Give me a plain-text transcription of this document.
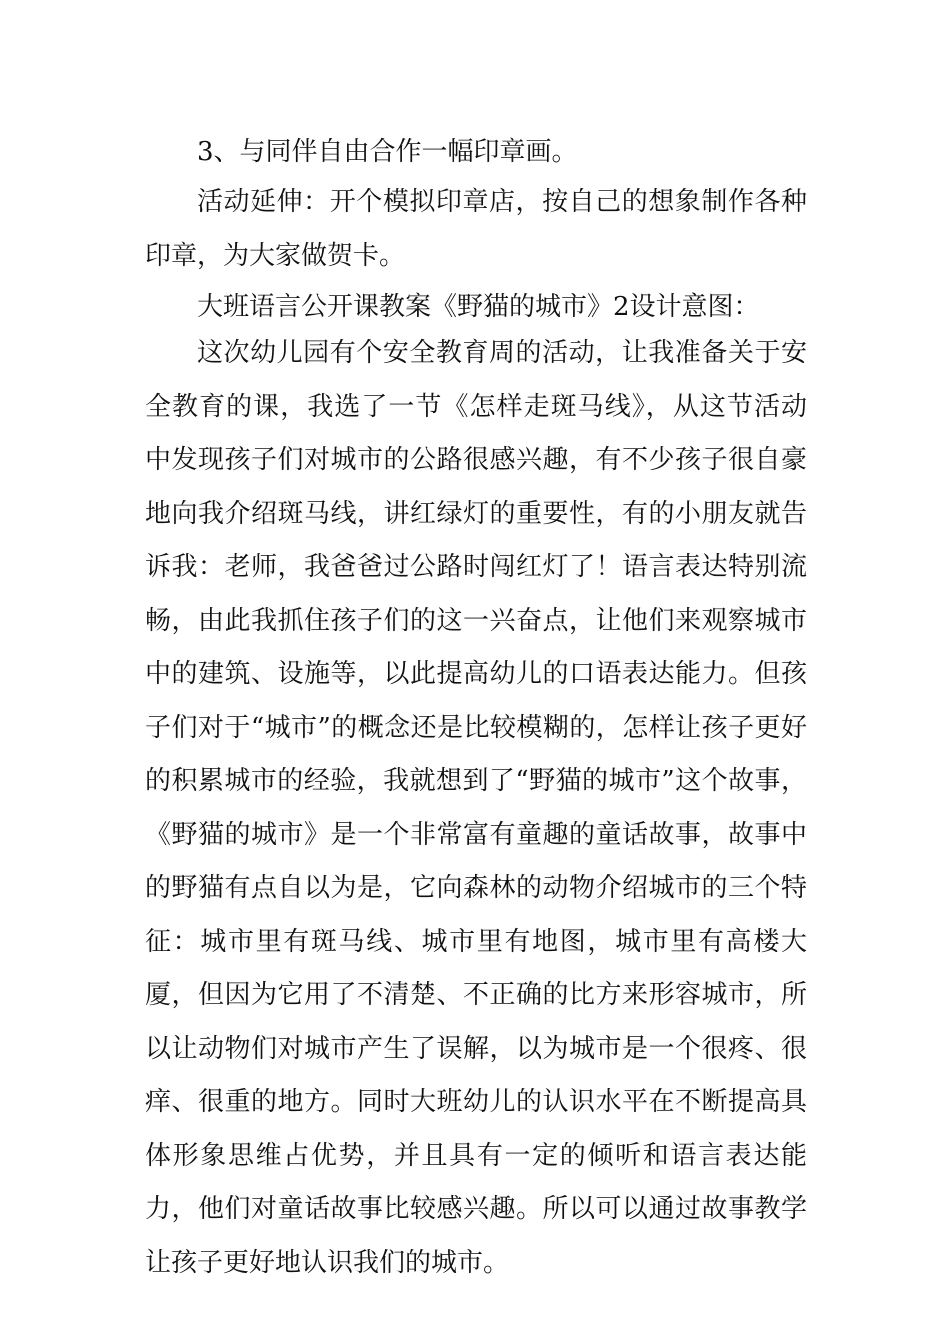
3、与同伴自由合作一幅印章画。

活动延伸：开个模拟印章店，按自己的想象制作各种印章，为大家做贺卡。

大班语言公开课教案《野猫的城市》2设计意图：

这次幼儿园有个安全教育周的活动，让我准备关于安全教育的课，我选了一节《怎样走斑马线》，从这节活动中发现孩子们对城市的公路很感兴趣，有不少孩子很自豪地向我介绍斑马线，讲红绿灯的重要性，有的小朋友就告诉我：老师，我爸爸过公路时闯红灯了！语言表达特别流畅，由此我抓住孩子们的这一兴奋点，让他们来观察城市中的建筑、设施等，以此提高幼儿的口语表达能力。但孩子们对于“城市”的概念还是比较模糊的，怎样让孩子更好的积累城市的经验，我就想到了“野猫的城市”这个故事，《野猫的城市》是一个非常富有童趣的童话故事，故事中的野猫有点自以为是，它向森林的动物介绍城市的三个特征：城市里有斑马线、城市里有地图，城市里有高楼大厦，但因为它用了不清楚、不正确的比方来形容城市，所以让动物们对城市产生了误解，以为城市是一个很疼、很痒、很重的地方。同时大班幼儿的认识水平在不断提高具体形象思维占优势，并且具有一定的倾听和语言表达能力，他们对童话故事比较感兴趣。所以可以通过故事教学让孩子更好地认识我们的城市。
